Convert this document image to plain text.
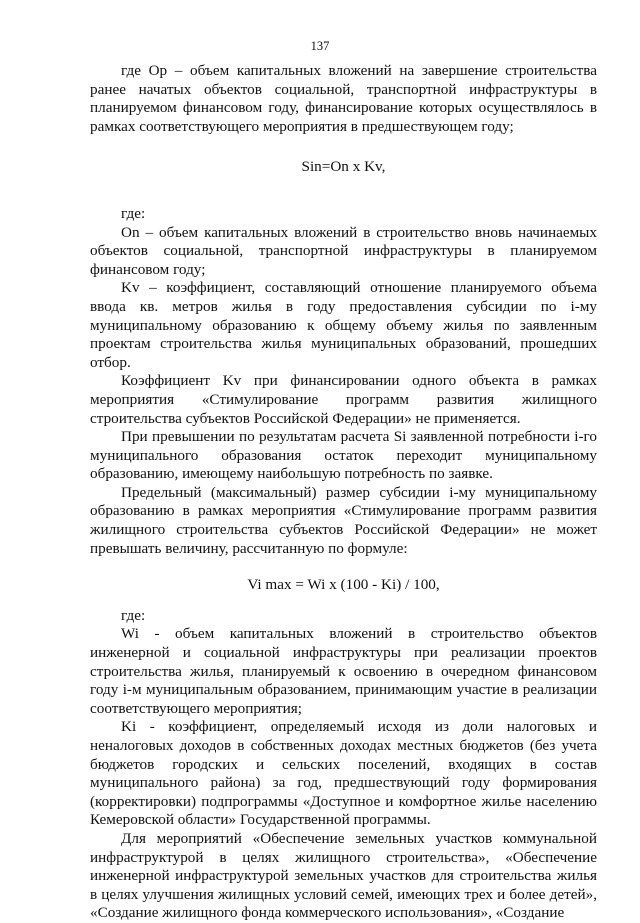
137

где Ор – объем капитальных вложений на завершение строительства ранее начатых объектов социальной, транспортной инфраструктуры в планируемом финансовом году, финансирование которых осуществлялось в рамках соответствующего мероприятия в предшествующем году;

Sin=Оn x Kv,

где:

Оn – объем капитальных вложений в строительство вновь начинаемых объектов социальной, транспортной инфраструктуры в планируемом финансовом году;

Kv – коэффициент, составляющий отношение планируемого объема ввода кв. метров жилья в году предоставления субсидии по i-му муниципальному образованию к общему объему жилья по заявленным проектам строительства жилья муниципальных образований, прошедших отбор.

Коэффициент Kv при финансировании одного объекта в рамках мероприятия «Стимулирование программ развития жилищного строительства субъектов Российской Федерации» не применяется.

При превышении по результатам расчета Si заявленной потребности i-го муниципального образования остаток переходит муниципальному образованию, имеющему наибольшую потребность по заявке.

Предельный (максимальный) размер субсидии i-му муниципальному образованию в рамках мероприятия «Стимулирование программ развития жилищного строительства субъектов Российской Федерации» не может превышать величину, рассчитанную по формуле:

Vi max = Wi x (100 - Ki) / 100,

где:

Wi - объем капитальных вложений в строительство объектов инженерной и социальной инфраструктуры при реализации проектов строительства жилья, планируемый к освоению в очередном финансовом году i-м муниципальным образованием, принимающим участие в реализации соответствующего мероприятия;

Ki - коэффициент, определяемый исходя из доли налоговых и неналоговых доходов в собственных доходах местных бюджетов (без учета бюджетов городских и сельских поселений, входящих в состав муниципального района) за год, предшествующий году формирования (корректировки) подпрограммы «Доступное и комфортное жилье населению Кемеровской области» Государственной программы.

Для мероприятий «Обеспечение земельных участков коммунальной инфраструктурой в целях жилищного строительства», «Обеспечение инженерной инфраструктурой земельных участков для строительства жилья в целях улучшения жилищных условий семей, имеющих трех и более детей», «Создание жилищного фонда коммерческого использования», «Создание
